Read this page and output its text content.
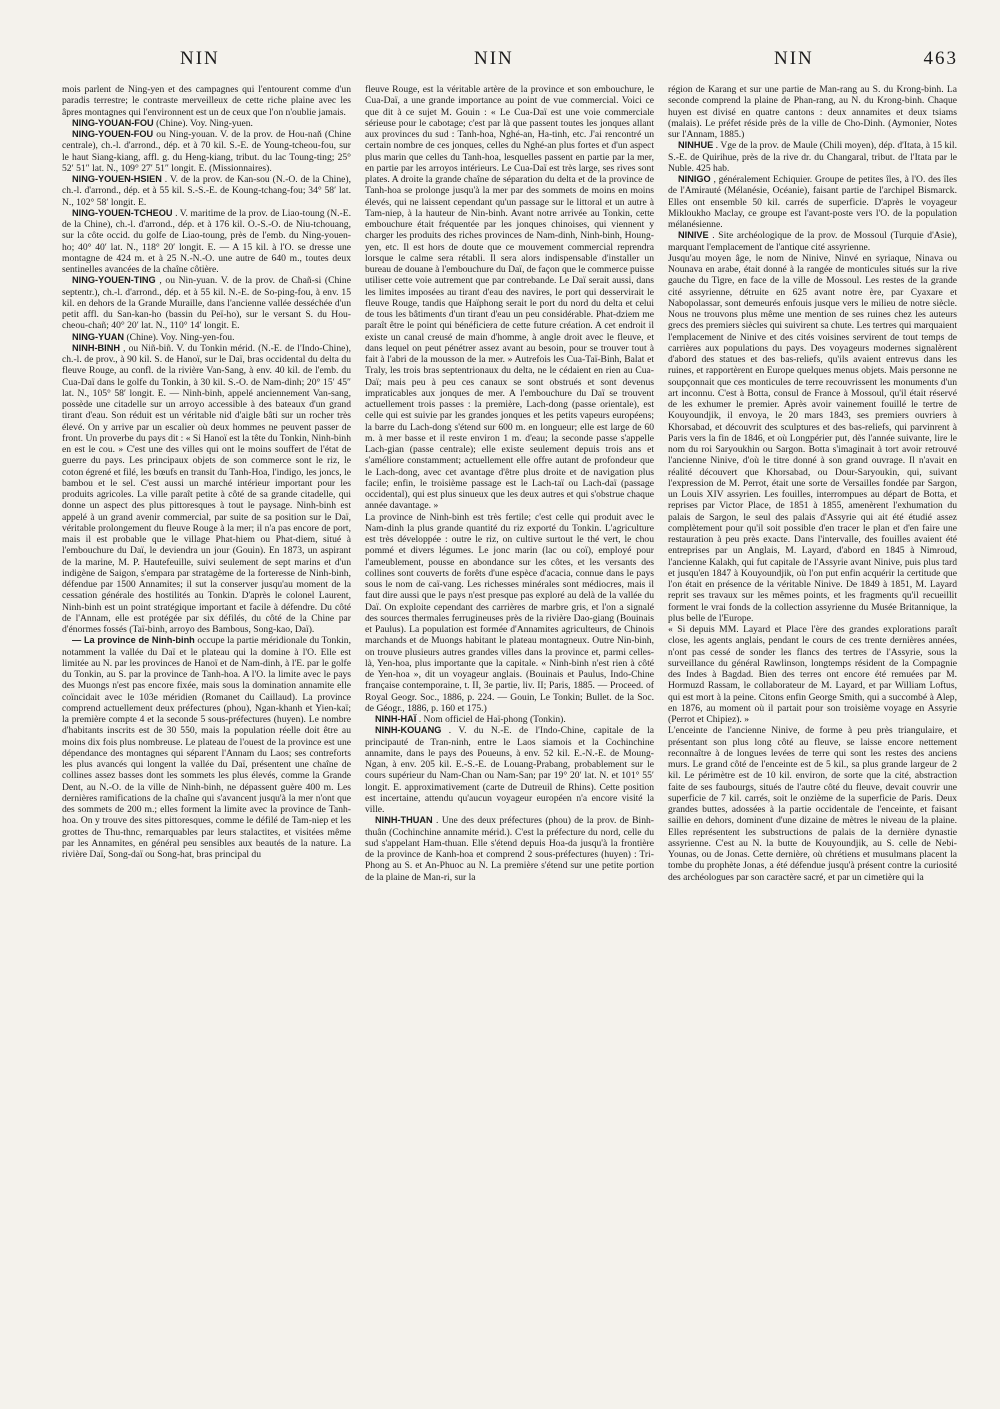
NIN	NIN	NIN	463

mois parlent de Ning-yen et des campagnes qui l'entourent comme d'un paradis terrestre; le contraste merveilleux de cette riche plaine avec les âpres montagnes qui l'environnent est un de ceux que l'on n'oublie jamais.

NING-YOUAN-FOU (Chine). Voy. Ning-yuen.

NING-YOUEN-FOU ou Ning-youan. V. de la prov. de Hou-naň (Chine centrale), ch.-l. d'arrond., dép. et à 70 kil. S.-E. de Young-tcheou-fou, sur le haut Siang-kiang, affl. g. du Heng-kiang, tribut. du lac Toung-ting; 25° 52′ 51″ lat. N., 109° 27′ 51″ longit. E. (Missionnaires).

NING-YOUEN-HSIEN . V. de la prov. de Kan-sou (N.-O. de la Chine), ch.-l. d'arrond., dép. et à 55 kil. S.-S.-E. de Koung-tchang-fou; 34° 58′ lat. N., 102° 58′ longit. E.

NING-YOUEN-TCHEOU . V. maritime de la prov. de Liao-toung (N.-E. de la Chine), ch.-l. d'arrond., dép. et à 176 kil. O.-S.-O. de Niu-tchouang, sur la côte occid. du golfe de Liao-toung, près de l'emb. du Ning-youen-ho; 40° 40′ lat. N., 118° 20′ longit. E. — A 15 kil. à l'O. se dresse une montagne de 424 m. et à 25 N.-N.-O. une autre de 640 m., toutes deux sentinelles avancées de la chaîne côtière.

NING-YOUEN-TING , ou Nin-yuan. V. de la prov. de Chañ-si (Chine septentr.), ch.-l. d'arrond., dép. et à 55 kil. N.-E. de So-ping-fou, à env. 15 kil. en dehors de la Grande Muraille, dans l'ancienne vallée desséchée d'un petit affl. du San-kan-ho (bassin du Peï-ho), sur le versant S. du Hou-cheou-chañ; 40° 20′ lat. N., 110° 14′ longit. E.

NING-YUAN (Chine). Voy. Ning-yen-fou.

NINH-BINH , ou Niñ-biñ. V. du Tonkin mérid. (N.-E. de l'Indo-Chine), ch.-l. de prov., à 90 kil. S. de Hanoï, sur le Daï, bras occidental du delta du fleuve Rouge, au confl. de la rivière Van-Sang, à env. 40 kil. de l'emb. du Cua-Daï dans le golfe du Tonkin, à 30 kil. S.-O. de Nam-dinh; 20° 15′ 45″ lat. N., 105° 58′ longit. E. — Ninh-binh, appelé anciennement Van-sang, possède une citadelle sur un arroyo accessible à des bateaux d'un grand tirant d'eau. Son réduit est un véritable nid d'aigle bâti sur un rocher très élevé. On y arrive par un escalier où deux hommes ne peuvent passer de front. Un proverbe du pays dit : « Si Hanoï est la tête du Tonkin, Ninh-binh en est le cou. » C'est une des villes qui ont le moins souffert de l'état de guerre du pays. Les principaux objets de son commerce sont le riz, le coton égrené et filé, les bœufs en transit du Tanh-Hoa, l'indigo, les joncs, le bambou et le sel. C'est aussi un marché intérieur important pour les produits agricoles. La ville paraît petite à côté de sa grande citadelle, qui donne un aspect des plus pittoresques à tout le paysage. Ninh-binh est appelé à un grand avenir commercial, par suite de sa position sur le Daï, véritable prolongement du fleuve Rouge à la mer; il n'a pas encore de port, mais il est probable que le village Phat-hiem ou Phat-diem, situé à l'embouchure du Daï, le deviendra un jour (Gouin). En 1873, un aspirant de la marine, M. P. Hautefeuille, suivi seulement de sept marins et d'un indigène de Saigon, s'empara par stratagème de la forteresse de Ninh-binh, défendue par 1500 Annamites; il sut la conserver jusqu'au moment de la cessation générale des hostilités au Tonkin. D'après le colonel Laurent, Ninh-binh est un point stratégique important et facile à défendre. Du côté de l'Annam, elle est protégée par six défilés, du côté de la Chine par d'énormes fossés (Taï-binh, arroyo des Bambous, Song-kao, Daï).

— La province de Ninh-binh occupe la partie méridionale du Tonkin, notamment la vallée du Daï et le plateau qui la domine à l'O. Elle est limitée au N. par les provinces de Hanoï et de Nam-dinh, à l'E. par le golfe du Tonkin, au S. par la province de Tanh-hoa. A l'O. la limite avec le pays des Muongs n'est pas encore fixée, mais sous la domination annamite elle coïncidait avec le 103e méridien (Romanet du Caillaud). La province comprend actuellement deux préfectures (phou), Ngan-khanh et Yien-kaï; la première compte 4 et la seconde 5 sous-préfectures (huyen). Le nombre d'habitants inscrits est de 30 550, mais la population réelle doit être au moins dix fois plus nombreuse. Le plateau de l'ouest de la province est une dépendance des montagnes qui séparent l'Annam du Laos; ses contreforts les plus avancés qui longent la vallée du Daï, présentent une chaîne de collines assez basses dont les sommets les plus élevés, comme la Grande Dent, au N.-O. de la ville de Ninh-binh, ne dépassent guère 400 m. Les dernières ramifications de la chaîne qui s'avancent jusqu'à la mer n'ont que des sommets de 200 m.; elles forment la limite avec la province de Tanh-hoa. On y trouve des sites pittoresques, comme le défilé de Tam-niep et les grottes de Thu-thnc, remarquables par leurs stalactites, et visitées même par les Annamites, en général peu sensibles aux beautés de la nature. La rivière Daï, Song-daï ou Song-hat, bras principal du

fleuve Rouge, est la véritable artère de la province et son embouchure, le Cua-Daï, a une grande importance au point de vue commercial. Voici ce que dit à ce sujet M. Gouin : « Le Cua-Daï est une voie commerciale sérieuse pour le cabotage; c'est par là que passent toutes les jonques allant aux provinces du sud : Tanh-hoa, Nghé-an, Ha-tinh, etc. J'ai rencontré un certain nombre de ces jonques, celles du Nghé-an plus fortes et d'un aspect plus marin que celles du Tanh-hoa, lesquelles passent en partie par la mer, en partie par les arroyos intérieurs. Le Cua-Daï est très large, ses rives sont plates. A droite la grande chaîne de séparation du delta et de la province de Tanh-hoa se prolonge jusqu'à la mer par des sommets de moins en moins élevés, qui ne laissent cependant qu'un passage sur le littoral et un autre à Tam-niep, à la hauteur de Nin-binh. Avant notre arrivée au Tonkin, cette embouchure était fréquentée par les jonques chinoises, qui viennent y charger les produits des riches provinces de Nam-dinh, Ninh-binh, Houng-yen, etc. Il est hors de doute que ce mouvement commercial reprendra lorsque le calme sera rétabli. Il sera alors indispensable d'installer un bureau de douane à l'embouchure du Daï, de façon que le commerce puisse utiliser cette voie autrement que par contrebande. Le Daï serait aussi, dans les limites imposées au tirant d'eau des navires, le port qui desservirait le fleuve Rouge, tandis que Haïphong serait le port du nord du delta et celui de tous les bâtiments d'un tirant d'eau un peu considérable. Phat-dziem me paraît être le point qui bénéficiera de cette future création. A cet endroit il existe un canal creusé de main d'homme, à angle droit avec le fleuve, et dans lequel on peut pénétrer assez avant au besoin, pour se trouver tout à fait à l'abri de la mousson de la mer. » Autrefois les Cua-Taï-Binh, Balat et Traly, les trois bras septentrionaux du delta, ne le cédaient en rien au Cua-Daï; mais peu à peu ces canaux se sont obstrués et sont devenus impraticables aux jonques de mer. A l'embouchure du Daï se trouvent actuellement trois passes : la première, Lach-dong (passe orientale), est celle qui est suivie par les grandes jonques et les petits vapeurs européens; la barre du Lach-dong s'étend sur 600 m. en longueur; elle est large de 60 m. à mer basse et il reste environ 1 m. d'eau; la seconde passe s'appelle Lach-gian (passe centrale); elle existe seulement depuis trois ans et s'améliore constamment; actuellement elle offre autant de profondeur que le Lach-dong, avec cet avantage d'être plus droite et de navigation plus facile; enfin, le troisième passage est le Lach-taï ou Lach-daï (passage occidental), qui est plus sinueux que les deux autres et qui s'obstrue chaque année davantage. »

La province de Ninh-binh est très fertile; c'est celle qui produit avec le Nam-dinh la plus grande quantité du riz exporté du Tonkin. L'agriculture est très développée : outre le riz, on cultive surtout le thé vert, le chou pommé et divers légumes. Le jonc marin (lac ou coï), employé pour l'ameublement, pousse en abondance sur les côtes, et les versants des collines sont couverts de forêts d'une espèce d'acacia, connue dans le pays sous le nom de caï-vang. Les richesses minérales sont médiocres, mais il faut dire aussi que le pays n'est presque pas exploré au delà de la vallée du Daï. On exploite cependant des carrières de marbre gris, et l'on a signalé des sources thermales ferrugineuses près de la rivière Dao-giang (Bouinais et Paulus). La population est formée d'Annamites agriculteurs, de Chinois marchands et de Muongs habitant le plateau montagneux. Outre Nin-binh, on trouve plusieurs autres grandes villes dans la province et, parmi celles-là, Yen-hoa, plus importante que la capitale. « Ninh-binh n'est rien à côté de Yen-hoa », dit un voyageur anglais. (Bouinais et Paulus, Indo-Chine française contemporaine, t. II, 3e partie, liv. II; Paris, 1885. — Proceed. of Royal Geogr. Soc., 1886, p. 224. — Gouin, Le Tonkin; Bullet. de la Soc. de Géogr., 1886, p. 160 et 175.)

NINH-HAÏ . Nom officiel de Haï-phong (Tonkin).

NINH-KOUANG . V. du N.-E. de l'Indo-Chine, capitale de la principauté de Tran-ninh, entre le Laos siamois et la Cochinchine annamite, dans le pays des Poueuns, à env. 52 kil. E.-N.-E. de Moung-Ngan, à env. 205 kil. E.-S.-E. de Louang-Prabang, probablement sur le cours supérieur du Nam-Chan ou Nam-San; par 19° 20′ lat. N. et 101° 55′ longit. E. approximativement (carte de Dutreuil de Rhins). Cette position est incertaine, attendu qu'aucun voyageur européen n'a encore visité la ville.

NINH-THUAN . Une des deux préfectures (phou) de la prov. de Binh-thuân (Cochinchine annamite mérid.). C'est la préfecture du nord, celle du sud s'appelant Ham-thuan. Elle s'étend depuis Hoa-da jusqu'à la frontière de la province de Kanh-hoa et comprend 2 sous-préfectures (huyen) : Tri-Phong au S. et An-Phuoc au N. La première s'étend sur une petite portion de la plaine de Man-ri, sur la

région de Karang et sur une partie de Man-rang au S. du Krong-binh. La seconde comprend la plaine de Phan-rang, au N. du Krong-binh. Chaque huyen est divisé en quatre cantons : deux annamites et deux tsiams (malais). Le préfet réside près de la ville de Cho-Dinh. (Aymonier, Notes sur l'Annam, 1885.)

NINHUE . Vge de la prov. de Maule (Chili moyen), dép. d'Itata, à 15 kil. S.-E. de Quirihue, près de la rive dr. du Changaral, tribut. de l'Itata par le Nuble. 425 hab.

NINIGO , généralement Echiquier. Groupe de petites îles, à l'O. des îles de l'Amirauté (Mélanésie, Océanie), faisant partie de l'archipel Bismarck. Elles ont ensemble 50 kil. carrés de superficie. D'après le voyageur Mikloukho Maclay, ce groupe est l'avant-poste vers l'O. de la population mélanésienne.

NINIVE . Site archéologique de la prov. de Mossoul (Turquie d'Asie), marquant l'emplacement de l'antique cité assyrienne.

Jusqu'au moyen âge, le nom de Ninive, Ninvé en syriaque, Ninava ou Nounava en arabe, était donné à la rangée de monticules situés sur la rive gauche du Tigre, en face de la ville de Mossoul. Les restes de la grande cité assyrienne, détruite en 625 avant notre ère, par Cyaxare et Nabopolassar, sont demeurés enfouis jusque vers le milieu de notre siècle. Nous ne trouvons plus même une mention de ses ruines chez les auteurs grecs des premiers siècles qui suivirent sa chute. Les tertres qui marquaient l'emplacement de Ninive et des cités voisines servirent de tout temps de carrières aux populations du pays. Des voyageurs modernes signalèrent d'abord des statues et des bas-reliefs, qu'ils avaient entrevus dans les ruines, et rapportèrent en Europe quelques menus objets. Mais personne ne soupçonnait que ces monticules de terre recouvrissent les monuments d'un art inconnu. C'est à Botta, consul de France à Mossoul, qu'il était réservé de les exhumer le premier. Après avoir vainement fouillé le tertre de Kouyoundjik, il envoya, le 20 mars 1843, ses premiers ouvriers à Khorsabad, et découvrit des sculptures et des bas-reliefs, qui parvinrent à Paris vers la fin de 1846, et où Longpérier put, dès l'année suivante, lire le nom du roi Saryoukhin ou Sargon. Botta s'imaginait à tort avoir retrouvé l'ancienne Ninive, d'où le titre donné à son grand ouvrage. Il n'avait en réalité découvert que Khorsabad, ou Dour-Saryoukin, qui, suivant l'expression de M. Perrot, était une sorte de Versailles fondée par Sargon, un Louis XIV assyrien. Les fouilles, interrompues au départ de Botta, et reprises par Victor Place, de 1851 à 1855, amenèrent l'exhumation du palais de Sargon, le seul des palais d'Assyrie qui ait été étudié assez complètement pour qu'il soit possible d'en tracer le plan et d'en faire une restauration à peu près exacte. Dans l'intervalle, des fouilles avaient été entreprises par un Anglais, M. Layard, d'abord en 1845 à Nimroud, l'ancienne Kalakh, qui fut capitale de l'Assyrie avant Ninive, puis plus tard et jusqu'en 1847 à Kouyoundjik, où l'on put enfin acquérir la certitude que l'on était en présence de la véritable Ninive. De 1849 à 1851, M. Layard reprit ses travaux sur les mêmes points, et les fragments qu'il recueillit forment le vrai fonds de la collection assyrienne du Musée Britannique, la plus belle de l'Europe.

« Si depuis MM. Layard et Place l'ère des grandes explorations paraît close, les agents anglais, pendant le cours de ces trente dernières années, n'ont pas cessé de sonder les flancs des tertres de l'Assyrie, sous la surveillance du général Rawlinson, longtemps résident de la Compagnie des Indes à Bagdad. Bien des terres ont encore été remuées par M. Hormuzd Rassam, le collaborateur de M. Layard, et par William Loftus, qui est mort à la peine. Citons enfin George Smith, qui a succombé à Alep, en 1876, au moment où il partait pour son troisième voyage en Assyrie (Perrot et Chipiez). »

L'enceinte de l'ancienne Ninive, de forme à peu près triangulaire, et présentant son plus long côté au fleuve, se laisse encore nettement reconnaître à de longues levées de terre qui sont les restes des anciens murs. Le grand côté de l'enceinte est de 5 kil., sa plus grande largeur de 2 kil. Le périmètre est de 10 kil. environ, de sorte que la cité, abstraction faite de ses faubourgs, situés de l'autre côté du fleuve, devait couvrir une superficie de 7 kil. carrés, soit le onzième de la superficie de Paris. Deux grandes buttes, adossées à la partie occidentale de l'enceinte, et faisant saillie en dehors, dominent d'une dizaine de mètres le niveau de la plaine. Elles représentent les substructions de palais de la dernière dynastie assyrienne. C'est au N. la butte de Kouyoundjik, au S. celle de Nebi-Younas, ou de Jonas. Cette dernière, où chrétiens et musulmans placent la tombe du prophète Jonas, a été défendue jusqu'à présent contre la curiosité des archéologues par son caractère sacré, et par un cimetière qui la
